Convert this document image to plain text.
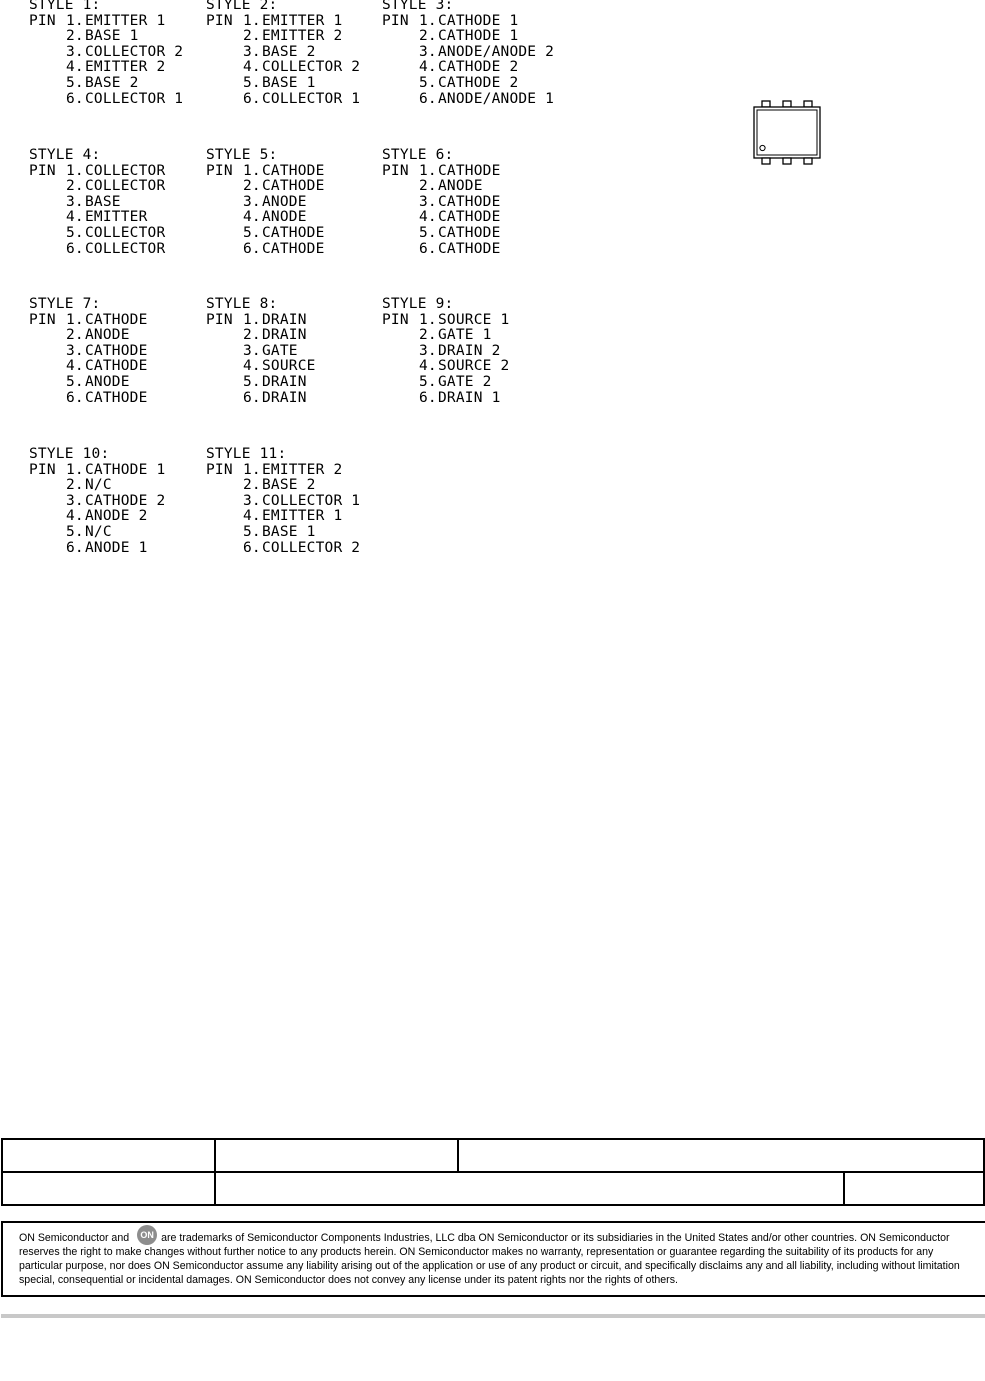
STYLE 1:
PIN 1.EMITTER 1
2.BASE 1
3.COLLECTOR 2
4.EMITTER 2
5.BASE 2
6.COLLECTOR 1
STYLE 2:
PIN 1.EMITTER 1
2.EMITTER 2
3.BASE 2
4.COLLECTOR 2
5.BASE 1
6.COLLECTOR 1
STYLE 3:
PIN 1.CATHODE 1
2.CATHODE 1
3.ANODE/ANODE 2
4.CATHODE 2
5.CATHODE 2
6.ANODE/ANODE 1
STYLE 4:
PIN 1.COLLECTOR
2.COLLECTOR
3.BASE
4.EMITTER
5.COLLECTOR
6.COLLECTOR
STYLE 5:
PIN 1.CATHODE
2.CATHODE
3.ANODE
4.ANODE
5.CATHODE
6.CATHODE
STYLE 6:
PIN 1.CATHODE
2.ANODE
3.CATHODE
4.CATHODE
5.CATHODE
6.CATHODE
STYLE 7:
PIN 1.CATHODE
2.ANODE
3.CATHODE
4.CATHODE
5.ANODE
6.CATHODE
STYLE 8:
PIN 1.DRAIN
2.DRAIN
3.GATE
4.SOURCE
5.DRAIN
6.DRAIN
STYLE 9:
PIN 1.SOURCE 1
2.GATE 1
3.DRAIN 2
4.SOURCE 2
5.GATE 2
6.DRAIN 1
STYLE 10:
PIN 1.CATHODE 1
2.N/C
3.CATHODE 2
4.ANODE 2
5.N/C
6.ANODE 1
STYLE 11:
PIN 1.EMITTER 2
2.BASE 2
3.COLLECTOR 1
4.EMITTER 1
5.BASE 1
6.COLLECTOR 2

ON Semiconductor and ON are trademarks of Semiconductor Components Industries, LLC dba ON Semiconductor or its subsidiaries in the United States and/or other countries. ON Semiconductor reserves the right to make changes without further notice to any products herein. ON Semiconductor makes no warranty, representation or guarantee regarding the suitability of its products for any particular purpose, nor does ON Semiconductor assume any liability arising out of the application or use of any product or circuit, and specifically disclaims any and all liability, including without limitation special, consequential or incidental damages. ON Semiconductor does not convey any license under its patent rights nor the rights of others.
